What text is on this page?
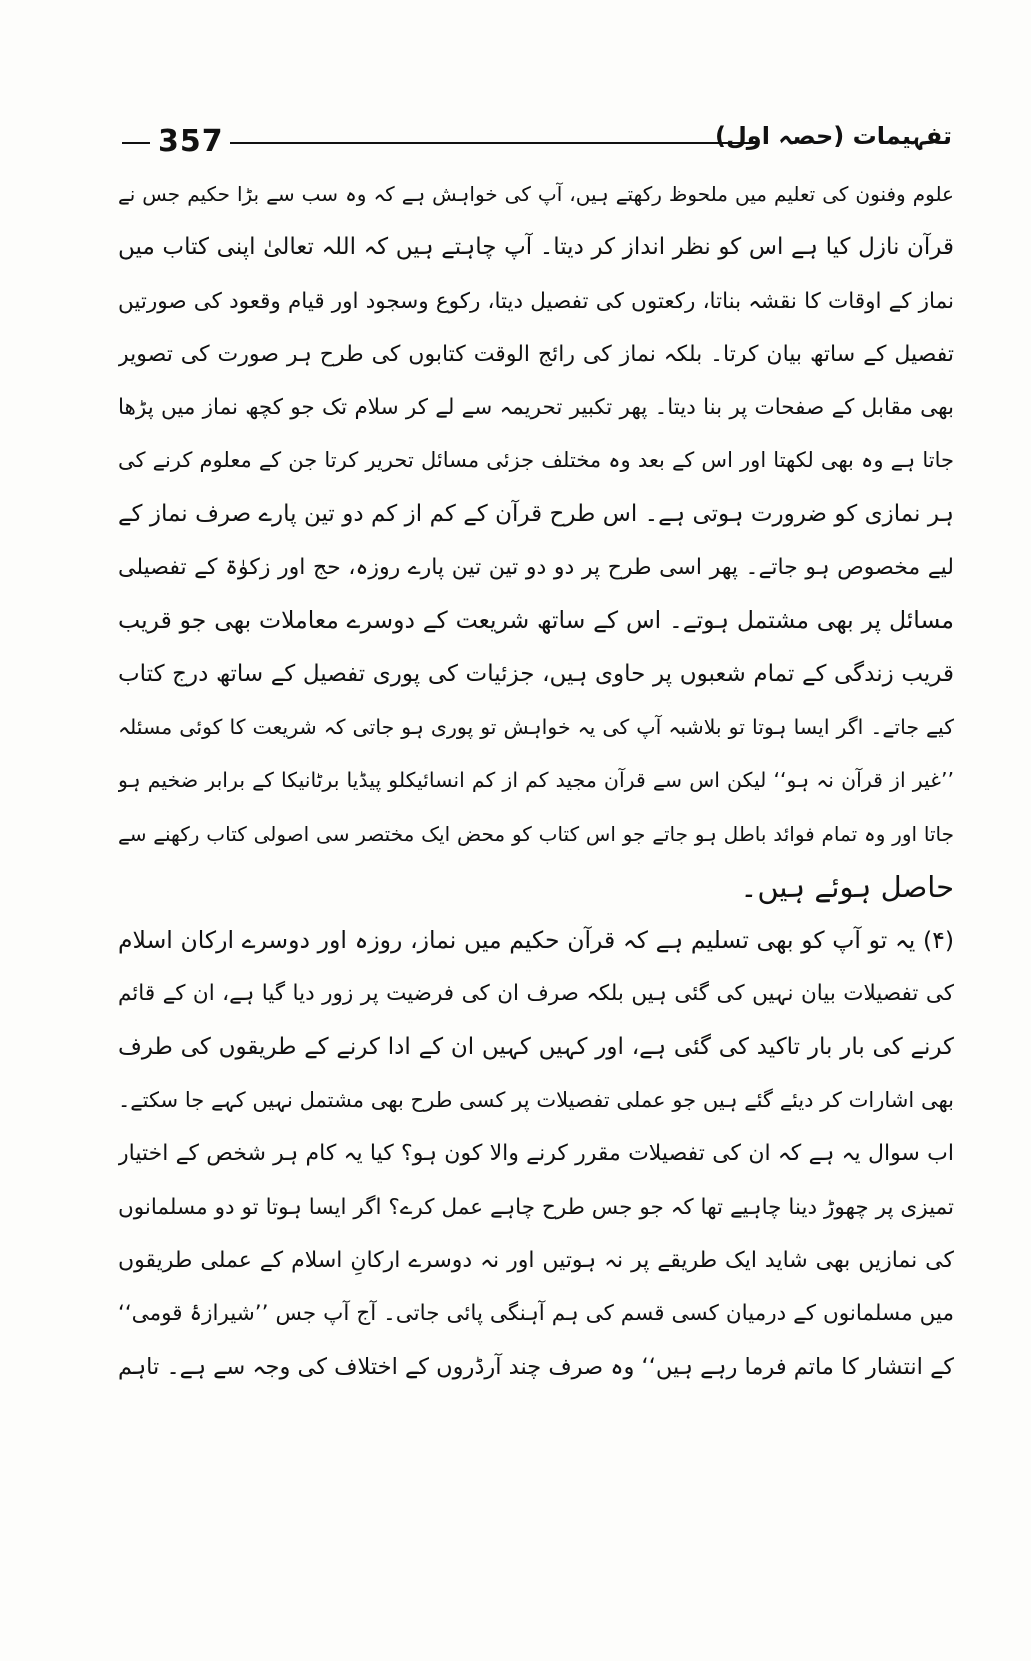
357	تفہیمات (حصہ اول)
علوم وفنون کی تعلیم میں ملحوظ رکھتے ہیں، آپ کی خواہش ہے کہ وہ سب سے بڑا حکیم جس نے
قرآن نازل کیا ہے اس کو نظر انداز کر دیتا۔ آپ چاہتے ہیں کہ اللہ تعالیٰ اپنی کتاب میں
نماز کے اوقات کا نقشہ بناتا، رکعتوں کی تفصیل دیتا، رکوع وسجود اور قیام وقعود کی صورتیں
تفصیل کے ساتھ بیان کرتا۔ بلکہ نماز کی رائج الوقت کتابوں کی طرح ہر صورت کی تصویر
بھی مقابل کے صفحات پر بنا دیتا۔ پھر تکبیر تحریمہ سے لے کر سلام تک جو کچھ نماز میں پڑھا
جاتا ہے وہ بھی لکھتا اور اس کے بعد وہ مختلف جزئی مسائل تحریر کرتا جن کے معلوم کرنے کی
ہر نمازی کو ضرورت ہوتی ہے۔ اس طرح قرآن کے کم از کم دو تین پارے صرف نماز کے
لیے مخصوص ہو جاتے۔ پھر اسی طرح پر دو دو تین تین پارے روزہ، حج اور زکوٰۃ کے تفصیلی
مسائل پر بھی مشتمل ہوتے۔ اس کے ساتھ شریعت کے دوسرے معاملات بھی جو قریب
قریب زندگی کے تمام شعبوں پر حاوی ہیں، جزئیات کی پوری تفصیل کے ساتھ درج کتاب
کیے جاتے۔ اگر ایسا ہوتا تو بلاشبہ آپ کی یہ خواہش تو پوری ہو جاتی کہ شریعت کا کوئی مسئلہ
’’غیر از قرآن نہ ہو‘‘ لیکن اس سے قرآن مجید کم از کم انسائیکلو پیڈیا برٹانیکا کے برابر ضخیم ہو
جاتا اور وہ تمام فوائد باطل ہو جاتے جو اس کتاب کو محض ایک مختصر سی اصولی کتاب رکھنے سے
حاصل ہوئے ہیں۔
(۴) یہ تو آپ کو بھی تسلیم ہے کہ قرآن حکیم میں نماز، روزہ اور دوسرے ارکان اسلام
کی تفصیلات بیان نہیں کی گئی ہیں بلکہ صرف ان کی فرضیت پر زور دیا گیا ہے، ان کے قائم
کرنے کی بار بار تاکید کی گئی ہے، اور کہیں کہیں ان کے ادا کرنے کے طریقوں کی طرف
بھی اشارات کر دیئے گئے ہیں جو عملی تفصیلات پر کسی طرح بھی مشتمل نہیں کہے جا سکتے۔
اب سوال یہ ہے کہ ان کی تفصیلات مقرر کرنے والا کون ہو؟ کیا یہ کام ہر شخص کے اختیار
تمیزی پر چھوڑ دینا چاہیے تھا کہ جو جس طرح چاہے عمل کرے؟ اگر ایسا ہوتا تو دو مسلمانوں
کی نمازیں بھی شاید ایک طریقے پر نہ ہوتیں اور نہ دوسرے ارکانِ اسلام کے عملی طریقوں
میں مسلمانوں کے درمیان کسی قسم کی ہم آہنگی پائی جاتی۔ آج آپ جس ’’شیرازۂ قومی‘‘
کے انتشار کا ماتم فرما رہے ہیں‘‘ وہ صرف چند آرڈروں کے اختلاف کی وجہ سے ہے۔ تاہم
